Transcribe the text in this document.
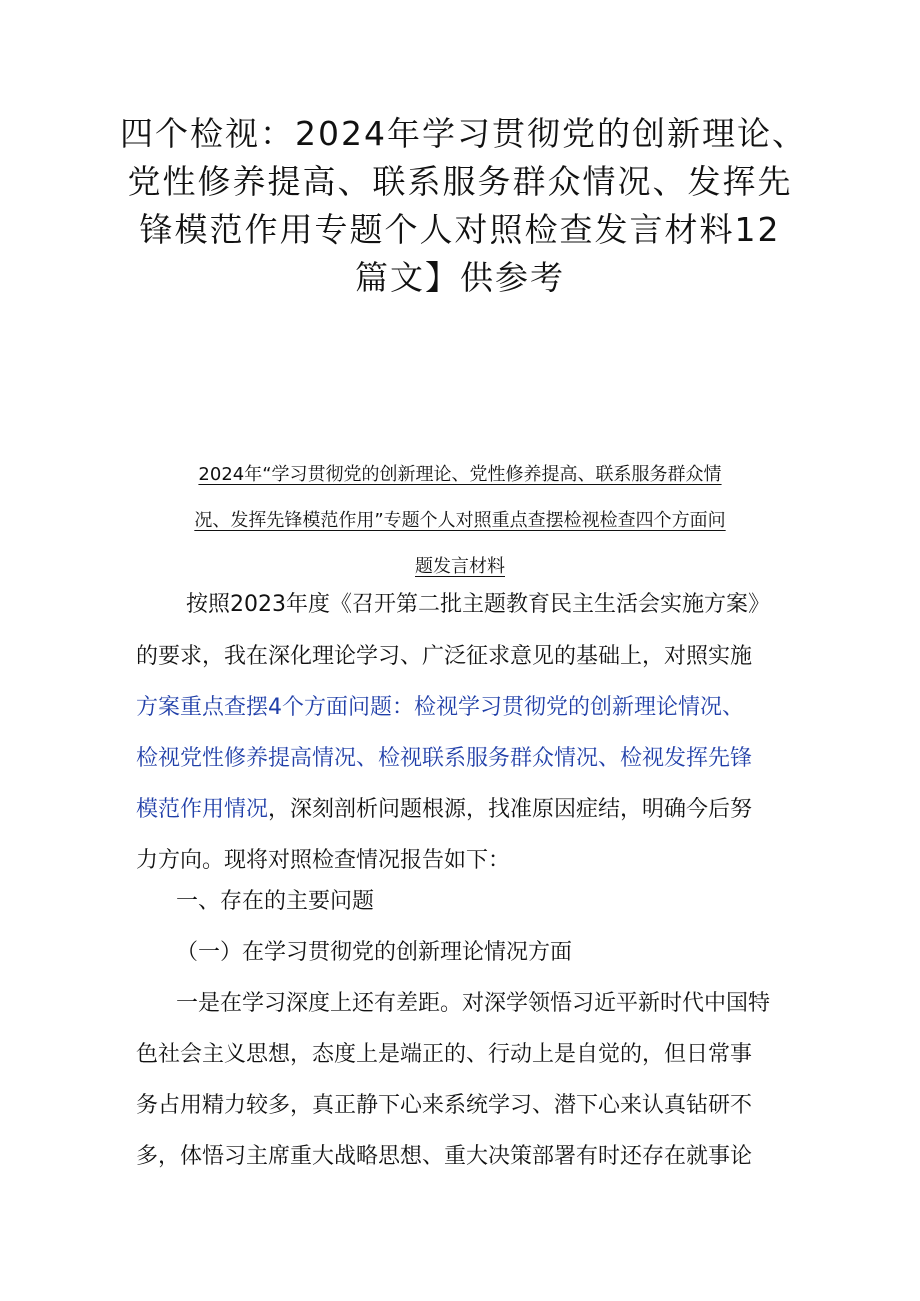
四个检视：2024年学习贯彻党的创新理论、
党性修养提高、联系服务群众情况、发挥先
锋模范作用专题个人对照检查发言材料12
篇文】供参考
2024年“学习贯彻党的创新理论、党性修养提高、联系服务群众情
况、发挥先锋模范作用”专题个人对照重点查摆检视检查四个方面问
题发言材料
按照2023年度《召开第二批主题教育民主生活会实施方案》
的要求，我在深化理论学习、广泛征求意见的基础上，对照实施
方案重点查摆4个方面问题：检视学习贯彻党的创新理论情况、
检视党性修养提高情况、检视联系服务群众情况、检视发挥先锋
模范作用情况，深刻剖析问题根源，找准原因症结，明确今后努
力方向。现将对照检查情况报告如下：
一、存在的主要问题
（一）在学习贯彻党的创新理论情况方面
一是在学习深度上还有差距。对深学领悟习近平新时代中国特
色社会主义思想，态度上是端正的、行动上是自觉的，但日常事
务占用精力较多，真正静下心来系统学习、潜下心来认真钻研不
多，体悟习主席重大战略思想、重大决策部署有时还存在就事论
